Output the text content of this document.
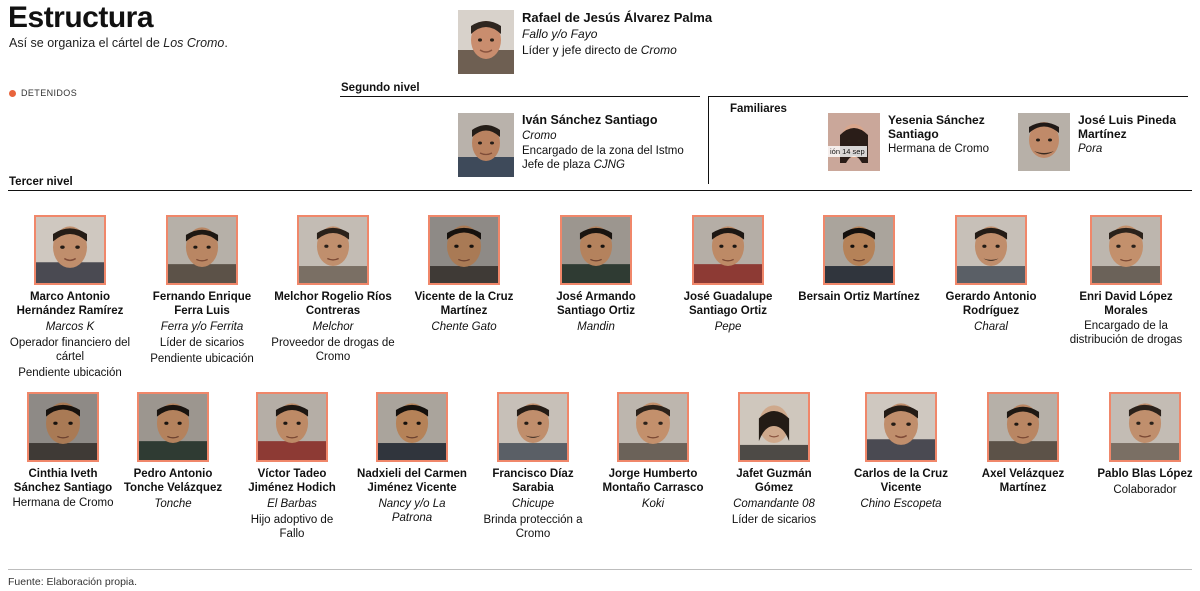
Estructura
Así se organiza el cártel de Los Cromo.
DETENIDOS
Rafael de Jesús Álvarez Palma
Fallo y/o Fayo
Líder y jefe directo de Cromo
Segundo nivel
Iván Sánchez Santiago
Cromo
Encargado de la zona del Istmo
Jefe de plaza CJNG
Familiares
ión 14 sep
Yesenia Sánchez Santiago
Hermana de Cromo
José Luis Pineda Martínez
Pora
Tercer nivel
Marco Antonio Hernández Ramírez
Marcos K
Operador financiero del cártel
Pendiente ubicación
Fernando Enrique Ferra Luis
Ferra y/o Ferrita
Líder de sicarios
Pendiente ubicación
Melchor Rogelio Ríos Contreras
Melchor
Proveedor de drogas de Cromo
Vicente de la Cruz Martínez
Chente Gato
José Armando Santiago Ortiz
Mandin
José Guadalupe Santiago Ortiz
Pepe
Bersain Ortiz Martínez	Gerardo Antonio Rodríguez
Charal
Enri David López Morales
Encargado de la distribución de drogas
Cinthia Iveth Sánchez Santiago
Hermana de Cromo
Pedro Antonio Tonche Velázquez
Tonche
Víctor Tadeo Jiménez Hodich
El Barbas
Hijo adoptivo de Fallo
Nadxieli del Carmen Jiménez Vicente
Nancy y/o La Patrona
Francisco Díaz Sarabia
Chicupe
Brinda protección a Cromo
Jorge Humberto Montaño Carrasco
Koki
Jafet Guzmán Gómez
Comandante 08
Líder de sicarios
Carlos de la Cruz Vicente
Chino Escopeta
Axel Velázquez Martínez
Pablo Blas López
Colaborador
Fuente: Elaboración propia.
